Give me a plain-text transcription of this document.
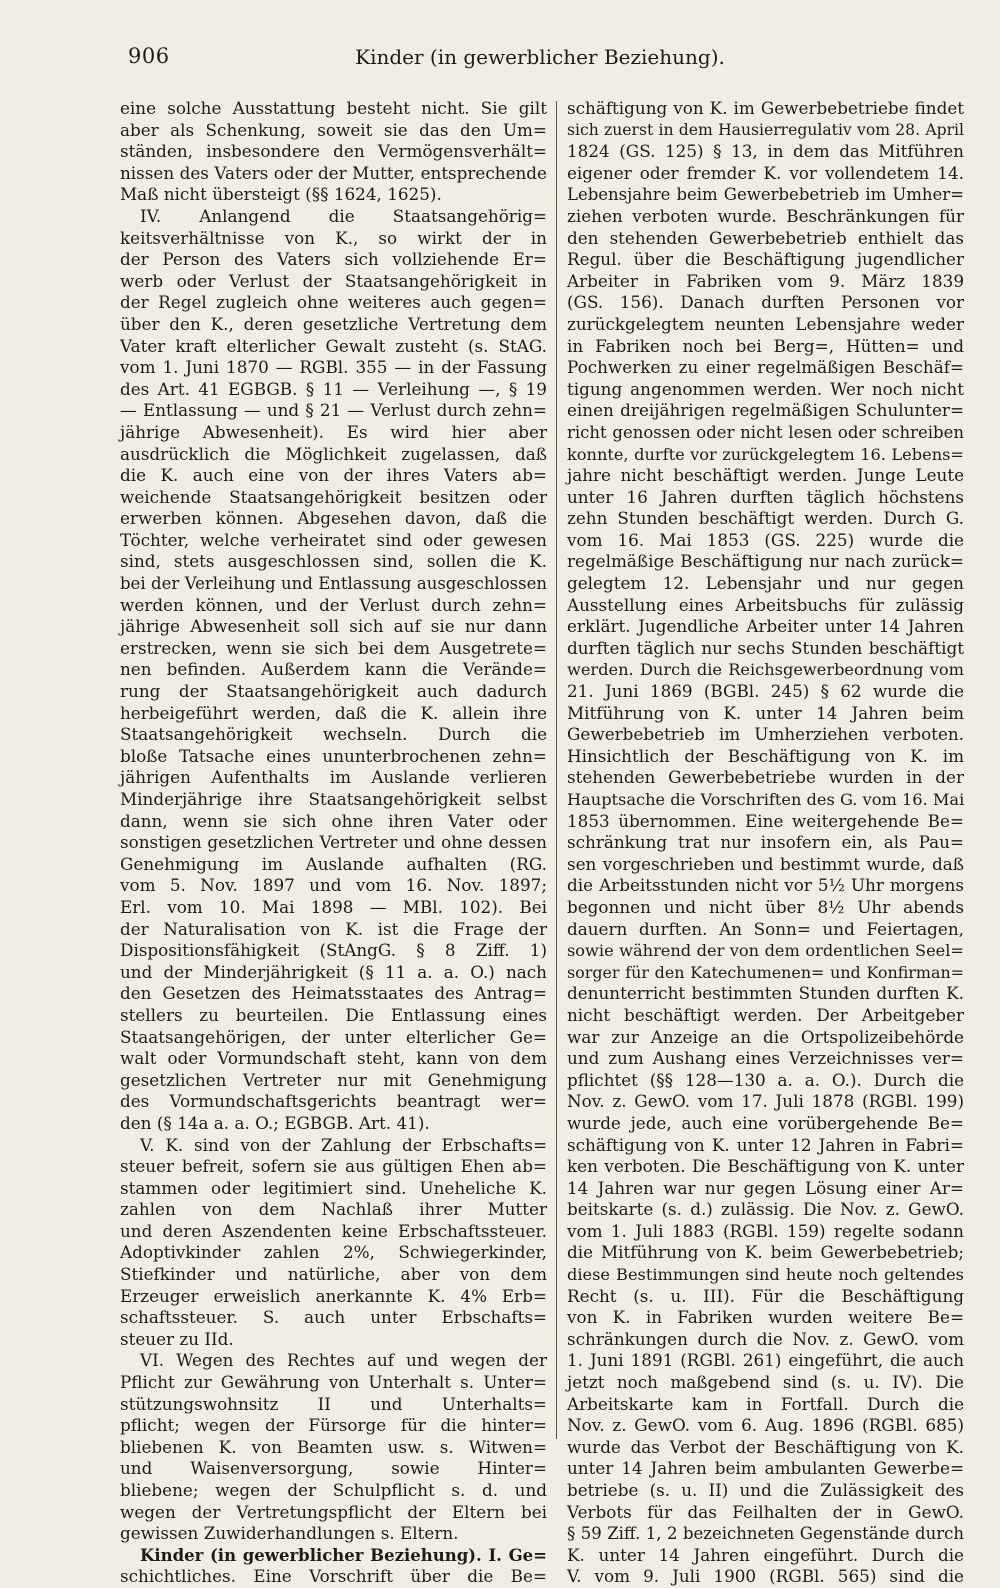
906	Kinder (in gewerblicher Beziehung).
eine solche Ausstattung besteht nicht. Sie gilt
aber als Schenkung, soweit sie das den Um=
ständen, insbesondere den Vermögensverhält=
nissen des Vaters oder der Mutter, entsprechende
Maß nicht übersteigt (§§ 1624, 1625).
IV. Anlangend die Staatsangehörig=
keitsverhältnisse von K., so wirkt der in
der Person des Vaters sich vollziehende Er=
werb oder Verlust der Staatsangehörigkeit in
der Regel zugleich ohne weiteres auch gegen=
über den K., deren gesetzliche Vertretung dem
Vater kraft elterlicher Gewalt zusteht (s. StAG.
vom 1. Juni 1870 — RGBl. 355 — in der Fassung
des Art. 41 EGBGB. § 11 — Verleihung —, § 19
— Entlassung — und § 21 — Verlust durch zehn=
jährige Abwesenheit). Es wird hier aber
ausdrücklich die Möglichkeit zugelassen, daß
die K. auch eine von der ihres Vaters ab=
weichende Staatsangehörigkeit besitzen oder
erwerben können. Abgesehen davon, daß die
Töchter, welche verheiratet sind oder gewesen
sind, stets ausgeschlossen sind, sollen die K.
bei der Verleihung und Entlassung ausgeschlossen
werden können, und der Verlust durch zehn=
jährige Abwesenheit soll sich auf sie nur dann
erstrecken, wenn sie sich bei dem Ausgetrete=
nen befinden. Außerdem kann die Verände=
rung der Staatsangehörigkeit auch dadurch
herbeigeführt werden, daß die K. allein ihre
Staatsangehörigkeit wechseln. Durch die
bloße Tatsache eines ununterbrochenen zehn=
jährigen Aufenthalts im Auslande verlieren
Minderjährige ihre Staatsangehörigkeit selbst
dann, wenn sie sich ohne ihren Vater oder
sonstigen gesetzlichen Vertreter und ohne dessen
Genehmigung im Auslande aufhalten (RG.
vom 5. Nov. 1897 und vom 16. Nov. 1897;
Erl. vom 10. Mai 1898 — MBl. 102). Bei
der Naturalisation von K. ist die Frage der
Dispositionsfähigkeit (StAngG. § 8 Ziff. 1)
und der Minderjährigkeit (§ 11 a. a. O.) nach
den Gesetzen des Heimatsstaates des Antrag=
stellers zu beurteilen. Die Entlassung eines
Staatsangehörigen, der unter elterlicher Ge=
walt oder Vormundschaft steht, kann von dem
gesetzlichen Vertreter nur mit Genehmigung
des Vormundschaftsgerichts beantragt wer=
den (§ 14a a. a. O.; EGBGB. Art. 41).
V. K. sind von der Zahlung der Erbschafts=
steuer befreit, sofern sie aus gültigen Ehen ab=
stammen oder legitimiert sind. Uneheliche K.
zahlen von dem Nachlaß ihrer Mutter
und deren Aszendenten keine Erbschaftssteuer.
Adoptivkinder zahlen 2%, Schwiegerkinder,
Stiefkinder und natürliche, aber von dem
Erzeuger erweislich anerkannte K. 4% Erb=
schaftssteuer. S. auch unter Erbschafts=
steuer zu IId.
VI. Wegen des Rechtes auf und wegen der
Pflicht zur Gewährung von Unterhalt s. Unter=
stützungswohnsitz II und Unterhalts=
pflicht; wegen der Fürsorge für die hinter=
bliebenen K. von Beamten usw. s. Witwen=
und Waisenversorgung, sowie Hinter=
bliebene; wegen der Schulpflicht s. d. und
wegen der Vertretungspflicht der Eltern bei
gewissen Zuwiderhandlungen s. Eltern.
Kinder (in gewerblicher Beziehung). I. Ge=
schichtliches. Eine Vorschrift über die Be=
schäftigung von K. im Gewerbebetriebe findet
sich zuerst in dem Hausierregulativ vom 28. April
1824 (GS. 125) § 13, in dem das Mitführen
eigener oder fremder K. vor vollendetem 14.
Lebensjahre beim Gewerbebetrieb im Umher=
ziehen verboten wurde. Beschränkungen für
den stehenden Gewerbebetrieb enthielt das
Regul. über die Beschäftigung jugendlicher
Arbeiter in Fabriken vom 9. März 1839
(GS. 156). Danach durften Personen vor
zurückgelegtem neunten Lebensjahre weder
in Fabriken noch bei Berg=, Hütten= und
Pochwerken zu einer regelmäßigen Beschäf=
tigung angenommen werden. Wer noch nicht
einen dreijährigen regelmäßigen Schulunter=
richt genossen oder nicht lesen oder schreiben
konnte, durfte vor zurückgelegtem 16. Lebens=
jahre nicht beschäftigt werden. Junge Leute
unter 16 Jahren durften täglich höchstens
zehn Stunden beschäftigt werden. Durch G.
vom 16. Mai 1853 (GS. 225) wurde die
regelmäßige Beschäftigung nur nach zurück=
gelegtem 12. Lebensjahr und nur gegen
Ausstellung eines Arbeitsbuchs für zulässig
erklärt. Jugendliche Arbeiter unter 14 Jahren
durften täglich nur sechs Stunden beschäftigt
werden. Durch die Reichsgewerbeordnung vom
21. Juni 1869 (BGBl. 245) § 62 wurde die
Mitführung von K. unter 14 Jahren beim
Gewerbebetrieb im Umherziehen verboten.
Hinsichtlich der Beschäftigung von K. im
stehenden Gewerbebetriebe wurden in der
Hauptsache die Vorschriften des G. vom 16. Mai
1853 übernommen. Eine weitergehende Be=
schränkung trat nur insofern ein, als Pau=
sen vorgeschrieben und bestimmt wurde, daß
die Arbeitsstunden nicht vor 5½ Uhr morgens
begonnen und nicht über 8½ Uhr abends
dauern durften. An Sonn= und Feiertagen,
sowie während der von dem ordentlichen Seel=
sorger für den Katechumenen= und Konfirman=
denunterricht bestimmten Stunden durften K.
nicht beschäftigt werden. Der Arbeitgeber
war zur Anzeige an die Ortspolizeibehörde
und zum Aushang eines Verzeichnisses ver=
pflichtet (§§ 128—130 a. a. O.). Durch die
Nov. z. GewO. vom 17. Juli 1878 (RGBl. 199)
wurde jede, auch eine vorübergehende Be=
schäftigung von K. unter 12 Jahren in Fabri=
ken verboten. Die Beschäftigung von K. unter
14 Jahren war nur gegen Lösung einer Ar=
beitskarte (s. d.) zulässig. Die Nov. z. GewO.
vom 1. Juli 1883 (RGBl. 159) regelte sodann
die Mitführung von K. beim Gewerbebetrieb;
diese Bestimmungen sind heute noch geltendes
Recht (s. u. III). Für die Beschäftigung
von K. in Fabriken wurden weitere Be=
schränkungen durch die Nov. z. GewO. vom
1. Juni 1891 (RGBl. 261) eingeführt, die auch
jetzt noch maßgebend sind (s. u. IV). Die
Arbeitskarte kam in Fortfall. Durch die
Nov. z. GewO. vom 6. Aug. 1896 (RGBl. 685)
wurde das Verbot der Beschäftigung von K.
unter 14 Jahren beim ambulanten Gewerbe=
betriebe (s. u. II) und die Zulässigkeit des
Verbots für das Feilhalten der in GewO.
§ 59 Ziff. 1, 2 bezeichneten Gegenstände durch
K. unter 14 Jahren eingeführt. Durch die
V. vom 9. Juli 1900 (RGBl. 565) sind die
